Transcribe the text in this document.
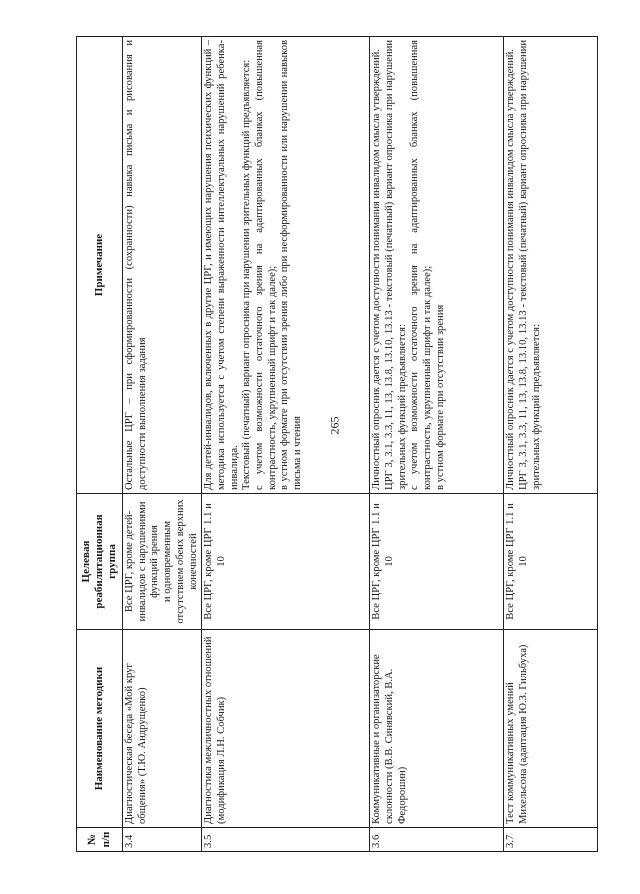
265
№ п/п	Наименование методики	Целевая реабилитационная группа	Примечание
3.4	Диагностическая беседа «Мой круг общения» (Т.Ю. Андрущенко)	Все ЦРГ, кроме детей-инвалидов с нарушениями функций зрения и одновременным отсутствием обеих верхних конечностей	Остальные ЦРГ – при сформированности (сохранности) навыка письма и рисования и доступности выполнения задания

3.5	Диагностика межличностных отношений (модификация Л.Н. Собчик)	Все ЦРГ, кроме ЦРГ 1.1 и 10	Для детей-инвалидов, включенных в другие ЦРГ, и имеющих нарушения психических функций – методика используется с учетом степени выраженности интеллектуальных нарушений ребенка-инвалида. Текстовый (печатный) вариант опросника при нарушении зрительных функций предъявляется: с учетом возможности остаточного зрения на адаптированных бланках (повышенная контрастность, укрупненный шрифт и так далее); в устном формате при отсутствии зрения либо при несформированности или нарушении навыков письма и чтения

3.6	Коммуникативные и организаторские склонности (В.В. Синявский, В.А. Федорошин)	Все ЦРГ, кроме ЦРГ 1.1 и 10	Личностный опросник дается с учетом доступности понимания инвалидом смысла утверждений. ЦРГ 3, 3.1, 3.3, 11, 13, 13.8, 13.10, 13.13 - текстовый (печатный) вариант опросника при нарушении зрительных функций предъявляется: с учетом возможности остаточного зрения на адаптированных бланках (повышенная контрастность, укрупненный шрифт и так далее); в устном формате при отсутствии зрения

3.7	Тест коммуникативных умений Михельсона (адаптация Ю.З. Гильбуха)	Все ЦРГ, кроме ЦРГ 1.1 и 10	Личностный опросник дается с учетом доступности понимания инвалидом смысла утверждений. ЦРГ 3, 3.1, 3.3, 11, 13, 13.8, 13.10, 13.13 - текстовый (печатный) вариант опросника при нарушении зрительных функций предъявляется:
